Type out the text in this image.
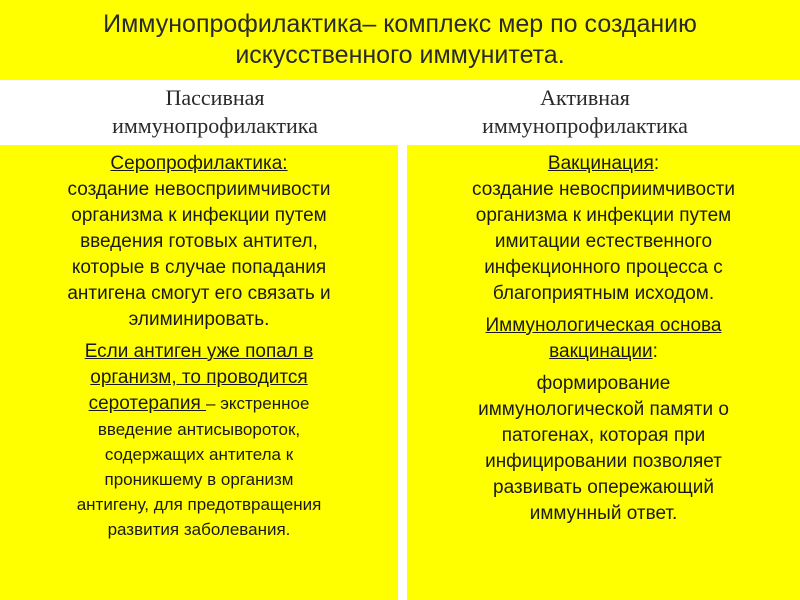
Иммунопрофилактика– комплекс мер по созданию
искусственного иммунитета.
Пассивная
иммунопрофилактика
Активная
иммунопрофилактика

Серопрофилактика:

создание невосприимчивости

организма к инфекции путем

введения готовых антител,

которые в случае попадания

антигена смогут его связать и

элиминировать.

Если антиген уже попал в

организм, то проводится

серотерапия – экстренное

введение антисывороток,

содержащих антитела к

проникшему в организм

антигену, для предотвращения

развития заболевания.

Вакцинация:

создание невосприимчивости

организма к инфекции путем

имитации естественного

инфекционного процесса с

благоприятным исходом.

Иммунологическая основа

вакцинации:

формирование

иммунологической памяти о

патогенах, которая при

инфицировании позволяет

развивать опережающий

иммунный ответ.
